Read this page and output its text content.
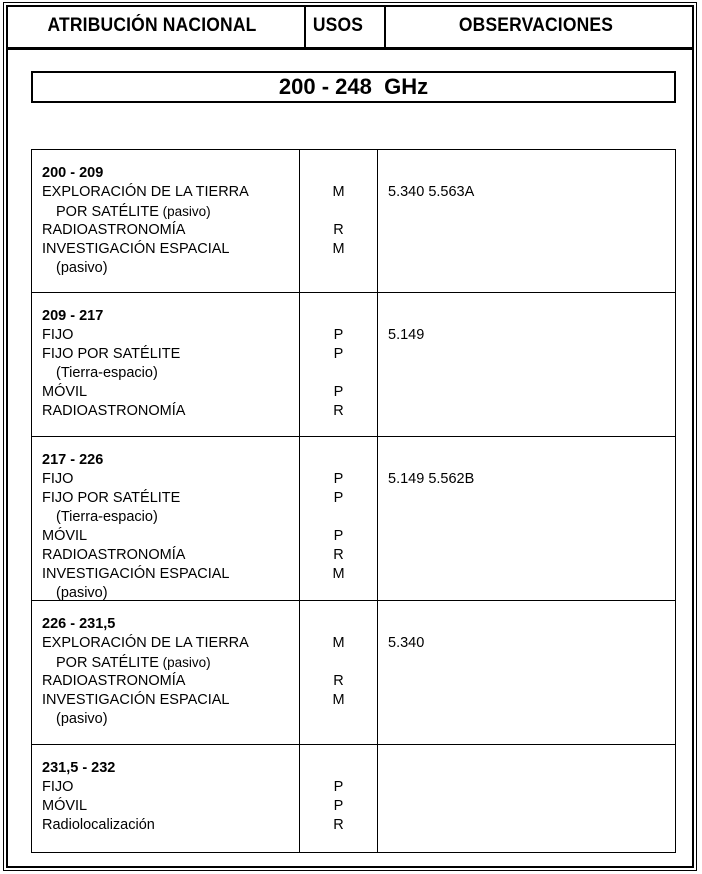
ATRIBUCIÓN NACIONAL	USOS	OBSERVACIONES
200 - 248  GHz
200 - 209
EXPLORACIÓN DE LA TIERRA
POR SATÉLITE (pasivo)
RADIOASTRONOMÍA
INVESTIGACIÓN ESPACIAL
(pasivo)
M
R
M
5.340 5.563A
209 - 217
FIJO
FIJO POR SATÉLITE
(Tierra-espacio)
MÓVIL
RADIOASTRONOMÍA
P
P
P
R
5.149
217 - 226
FIJO
FIJO POR SATÉLITE
(Tierra-espacio)
MÓVIL
RADIOASTRONOMÍA
INVESTIGACIÓN ESPACIAL
(pasivo)
P
P
P
R
M
5.149 5.562B
226 - 231,5
EXPLORACIÓN DE LA TIERRA
POR SATÉLITE (pasivo)
RADIOASTRONOMÍA
INVESTIGACIÓN ESPACIAL
(pasivo)
M
R
M
5.340
231,5 - 232
FIJO
MÓVIL
Radiolocalización
P
P
R
